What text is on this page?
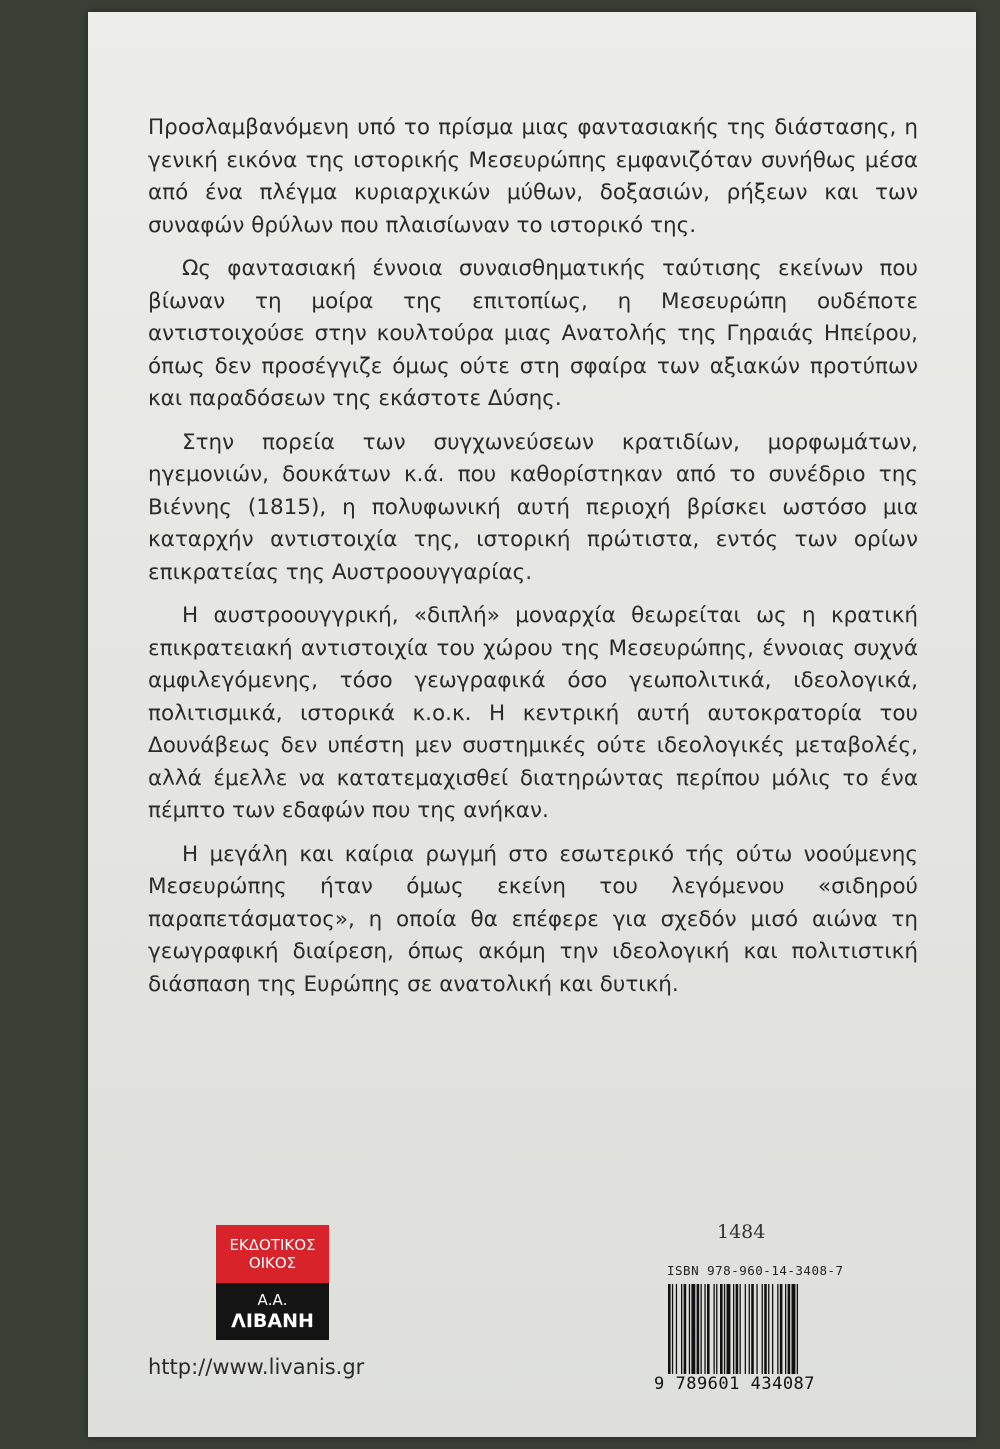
Προσλαμβανόμενη υπό το πρίσμα μιας φαντασιακής της διάστασης, η γενική εικόνα της ιστορικής Μεσευρώπης εμφανιζόταν συνήθως μέσα από ένα πλέγμα κυριαρχικών μύθων, δοξασιών, ρήξεων και των συναφών θρύλων που πλαισίωναν το ιστορικό της.

Ως φαντασιακή έννοια συναισθηματικής ταύτισης εκείνων που βίωναν τη μοίρα της επιτοπίως, η Μεσευρώπη ουδέποτε αντιστοιχούσε στην κουλτούρα μιας Ανατολής της Γηραιάς Ηπείρου, όπως δεν προσέγγιζε όμως ούτε στη σφαίρα των αξιακών προτύπων και παραδόσεων της εκάστοτε Δύσης.

Στην πορεία των συγχωνεύσεων κρατιδίων, μορφωμάτων, ηγεμονιών, δουκάτων κ.ά. που καθορίστηκαν από το συνέδριο της Βιέννης (1815), η πολυφωνική αυτή περιοχή βρίσκει ωστόσο μια καταρχήν αντιστοιχία της, ιστορική πρώτιστα, εντός των ορίων επικρατείας της Αυστροουγγαρίας.

Η αυστροουγγρική, «διπλή» μοναρχία θεωρείται ως η κρατική επικρατειακή αντιστοιχία του χώρου της Μεσευρώπης, έννοιας συχνά αμφιλεγόμενης, τόσο γεωγραφικά όσο γεωπολιτικά, ιδεολογικά, πολιτισμικά, ιστορικά κ.ο.κ. Η κεντρική αυτή αυτοκρατορία του Δουνάβεως δεν υπέστη μεν συστημικές ούτε ιδεολογικές μεταβολές, αλλά έμελλε να κατατεμαχισθεί διατηρώντας περίπου μόλις το ένα πέμπτο των εδαφών που της ανήκαν.

Η μεγάλη και καίρια ρωγμή στο εσωτερικό τής ούτω νοούμενης Μεσευρώπης ήταν όμως εκείνη του λεγόμενου «σιδηρού παραπετάσματος», η οποία θα επέφερε για σχεδόν μισό αιώνα τη γεωγραφική διαίρεση, όπως ακόμη την ιδεολογική και πολιτιστική διάσπαση της Ευρώπης σε ανατολική και δυτική.

ΕΚΔΟΤΙΚΟΣ
ΟΙΚΟΣ
Α.Α.
ΛΙΒΑΝΗ
http://www.livanis.gr
1484
ISBN 978-960-14-3408-7
9 789601 434087
